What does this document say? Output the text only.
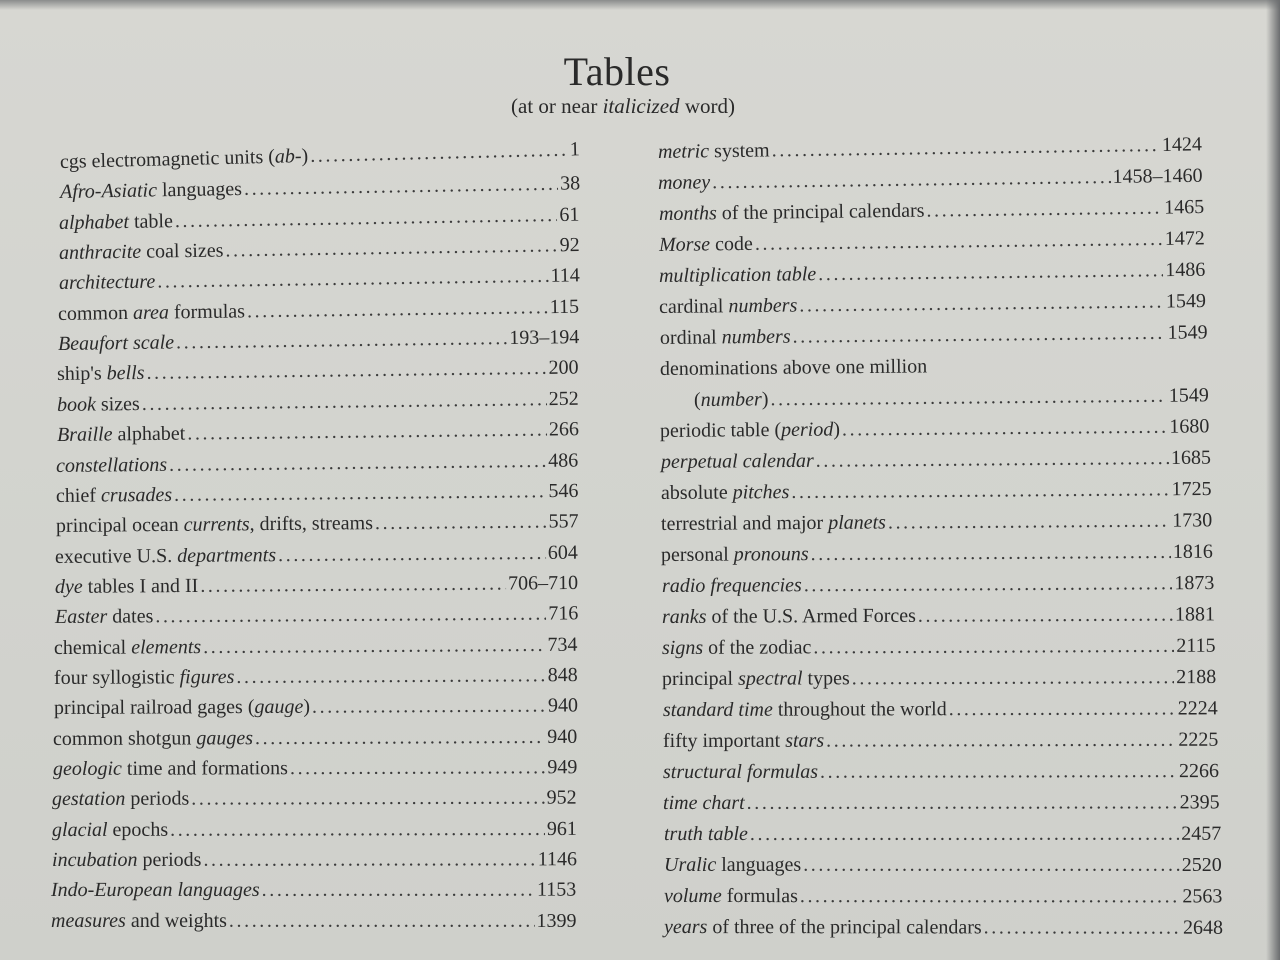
Tables
(at or near italicized word)
cgs electromagnetic units (ab-) . . .	1
Afro-Asiatic languages . . .	38
alphabet table . . .	61
anthracite coal sizes . . .	92
architecture . . .	114
common area formulas . . .	115
Beaufort scale . . .	193–194
ship's bells . . .	200
book sizes . . .	252
Braille alphabet . . .	266
constellations . . .	486
chief crusades . . .	546
principal ocean currents, drifts, streams . . .	557
executive U.S. departments . . .	604
dye tables I and II . . .	706–710
Easter dates . . .	716
chemical elements . . .	734
four syllogistic figures . . .	848
principal railroad gages (gauge) . . .	940
common shotgun gauges . . .	940
geologic time and formations . . .	949
gestation periods . . .	952
glacial epochs . . .	961
incubation periods . . .	1146
Indo-European languages . . .	1153
measures and weights . . .	1399
metric system . . .	1424
money . . .	1458–1460
months of the principal calendars . . .	1465
Morse code . . .	1472
multiplication table . . .	1486
cardinal numbers . . .	1549
ordinal numbers . . .	1549
denominations above one million
(number) . . .	1549
periodic table (period) . . .	1680
perpetual calendar . . .	1685
absolute pitches . . .	1725
terrestrial and major planets . . .	1730
personal pronouns . . .	1816
radio frequencies . . .	1873
ranks of the U.S. Armed Forces . . .	1881
signs of the zodiac . . .	2115
principal spectral types . . .	2188
standard time throughout the world . . .	2224
fifty important stars . . .	2225
structural formulas . . .	2266
time chart . . .	2395
truth table . . .	2457
Uralic languages . . .	2520
volume formulas . . .	2563
years of three of the principal calendars . . .	2648
